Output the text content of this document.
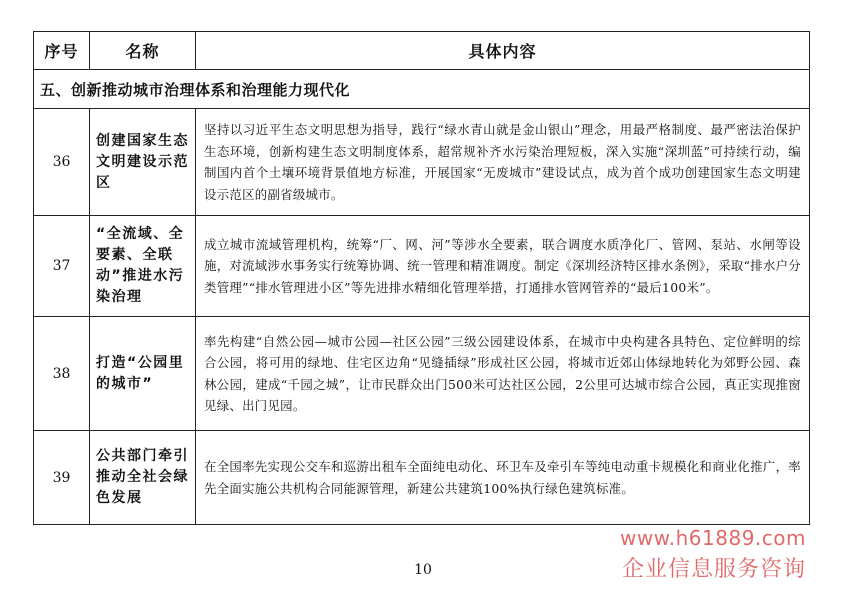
序号	名称	具体内容
五、创新推动城市治理体系和治理能力现代化		
36	创建国家生态文明建设示范区	坚持以习近平生态文明思想为指导，践行“绿水青山就是金山银山”理念，用最严格制度、最严密法治保护生态环境，创新构建生态文明制度体系，超常规补齐水污染治理短板，深入实施“深圳蓝”可持续行动，编制国内首个土壤环境背景值地方标准，开展国家“无废城市”建设试点，成为首个成功创建国家生态文明建设示范区的副省级城市。
37	“全流域、全要素、全联动”推进水污染治理	成立城市流域管理机构，统筹“厂、网、河”等涉水全要素，联合调度水质净化厂、管网、泵站、水闸等设施，对流域涉水事务实行统筹协调、统一管理和精准调度。制定《深圳经济特区排水条例》，采取“排水户分类管理”“排水管理进小区”等先进排水精细化管理举措，打通排水管网管养的“最后100米”。
38	打造“公园里的城市”	率先构建“自然公园—城市公园—社区公园”三级公园建设体系，在城市中央构建各具特色、定位鲜明的综合公园，将可用的绿地、住宅区边角“见缝插绿”形成社区公园，将城市近郊山体绿地转化为郊野公园、森林公园，建成“千园之城”，让市民群众出门500米可达社区公园，2公里可达城市综合公园，真正实现推窗见绿、出门见园。
39	公共部门牵引推动全社会绿色发展	在全国率先实现公交车和巡游出租车全面纯电动化、环卫车及牵引车等纯电动重卡规模化和商业化推广，率先全面实施公共机构合同能源管理，新建公共建筑100%执行绿色建筑标准。
10
www.h61889.com
企业信息服务咨询
